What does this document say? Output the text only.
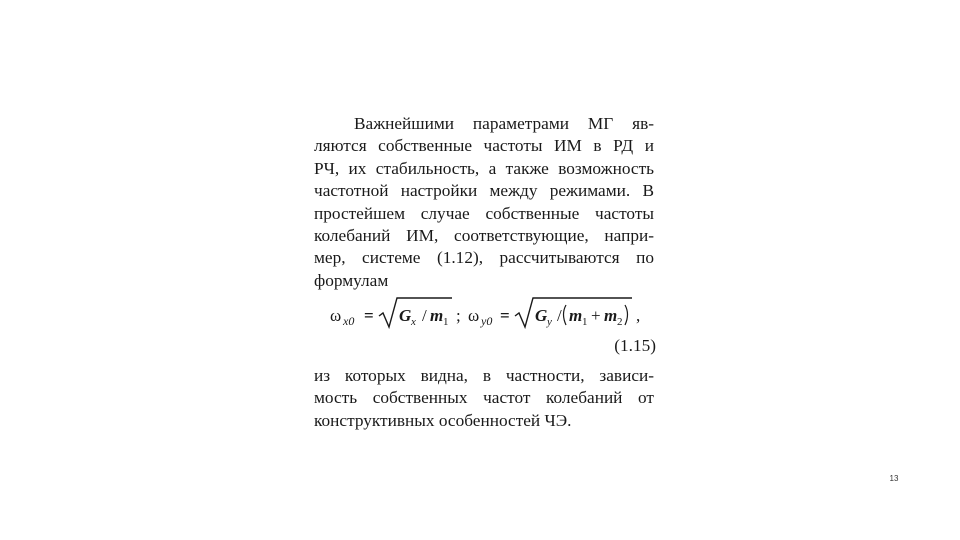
Важнейшими параметрами МГ яв-
ляются собственные частоты ИМ в РД и
РЧ, их стабильность, а также возможность
частотной настройки между режимами. В
простейшем случае собственные частоты
колебаний ИМ, соответствующие, напри-
мер, системе (1.12), рассчитываются по
формулам
ω x0 = G x / m 1 ; ω y0 = G y / m 1 + m 2 ,
(1.15)
из которых видна, в частности, зависи-
мость собственных частот колебаний от
конструктивных особенностей ЧЭ.
13
